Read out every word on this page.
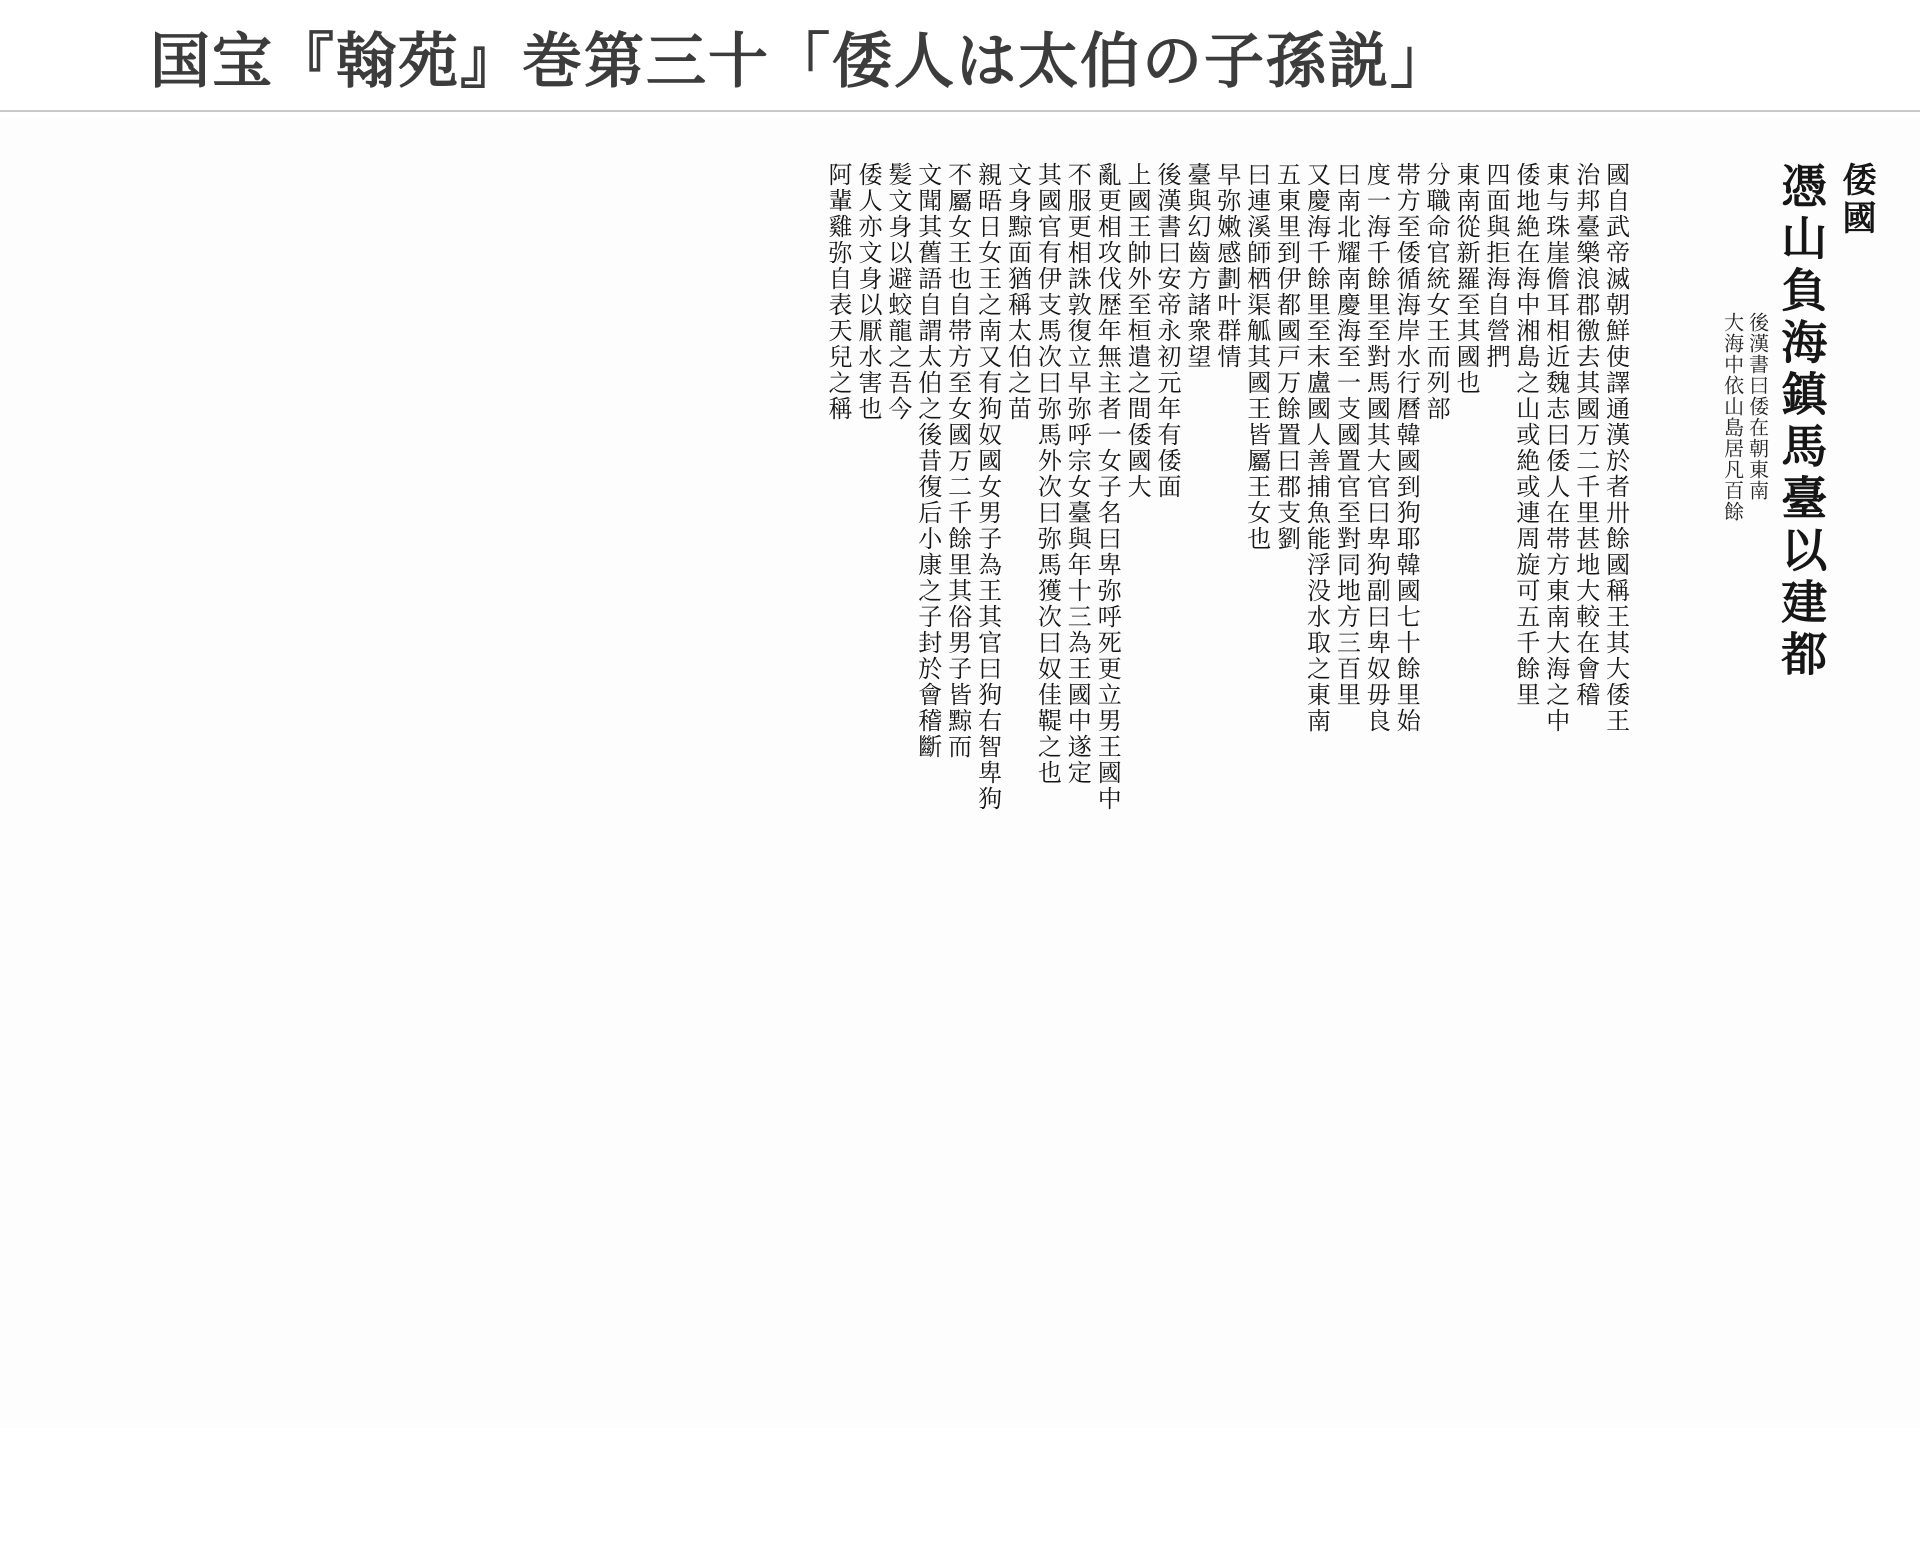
国宝『翰苑』巻第三十「倭人は太伯の子孫説」
倭國
憑山負海鎮馬臺以建都
後漢書曰倭在朝東南
大海中依山島居凡百餘
國自武帝滅朝鮮使譯通漢於者卅餘國稱王其大倭王
治邦臺樂浪郡徼去其國万二千里甚地大較在會稽
東与珠崖儋耳相近魏志曰倭人在帯方東南大海之中
倭地絶在海中湘島之山或絶或連周旋可五千餘里
四面與拒海自營捫
東南從新羅至其國也
分職命官統女王而列部
帯方至倭循海岸水行曆韓國到狗耶韓國七十餘里始
度一海千餘里至對馬國其大官曰卑狗副曰卑奴毋良
曰南北耀南慶海至一支國置官至對同地方三百里
又慶海千餘里至末盧國人善捕魚能浮没水取之東南
五東里到伊都國戸万餘置曰郡支劉
曰連溪師栖渠觚其國王皆屬王女也
早弥嫩感劃叶群情
臺與幻齒方諸衆望
後漢書曰安帝永初元年有倭面
上國王帥外至桓遣之間倭國大
亂更相攻伐歴年無主者一女子名曰卑弥呼死更立男王國中
不服更相誅敦復立早弥呼宗女臺與年十三為王國中遂定
其國官有伊支馬次曰弥馬外次曰弥馬獲次曰奴佳鞮之也
文身黥面猶稱太伯之苗
親晤日女王之南又有狗奴國女男子為王其官曰狗右智卑狗
不屬女王也自帯方至女國万二千餘里其俗男子皆黥而
文聞其舊語自謂太伯之後昔復后小康之子封於會稽斷
髪文身以避蛟龍之吾今
倭人亦文身以厭水害也
阿輩雞弥自表天兒之稱
